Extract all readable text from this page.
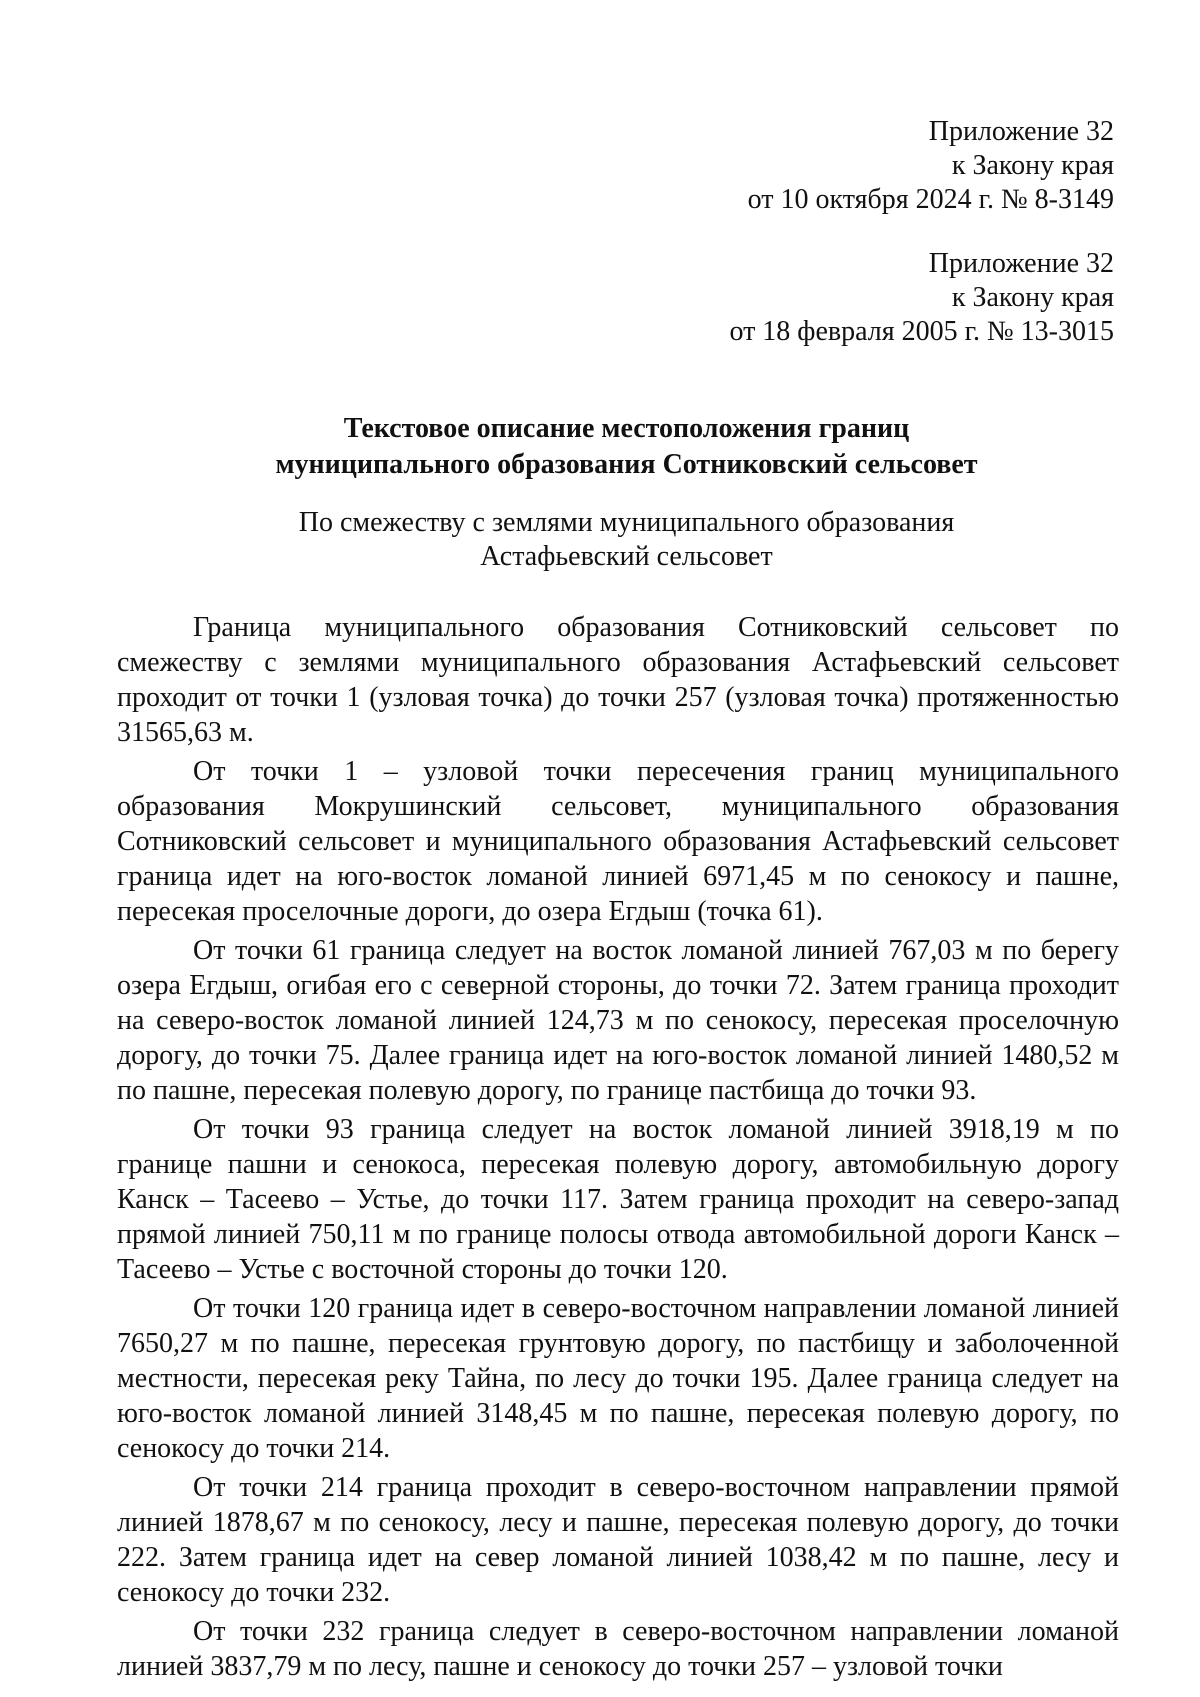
Приложение 32
к Закону края
от 10 октября 2024 г. № 8-3149
Приложение 32
к Закону края
от 18 февраля 2005 г. № 13-3015
Текстовое описание местоположения границ
муниципального образования Сотниковский сельсовет
По смежеству с землями муниципального образования
Астафьевский сельсовет

Граница муниципального образования Сотниковский сельсовет по смежеству с землями муниципального образования Астафьевский сельсовет проходит от точки 1 (узловая точка) до точки 257 (узловая точка) протяженностью 31565,63 м.

От точки 1 – узловой точки пересечения границ муниципального образования Мокрушинский сельсовет, муниципального образования Сотниковский сельсовет и муниципального образования Астафьевский сельсовет граница идет на юго-восток ломаной линией 6971,45 м по сенокосу и пашне, пересекая проселочные дороги, до озера Егдыш (точка 61).

От точки 61 граница следует на восток ломаной линией 767,03 м по берегу озера Егдыш, огибая его с северной стороны, до точки 72. Затем граница проходит на северо-восток ломаной линией 124,73 м по сенокосу, пересекая проселочную дорогу, до точки 75. Далее граница идет на юго-восток ломаной линией 1480,52 м по пашне, пересекая полевую дорогу, по границе пастбища до точки 93.

От точки 93 граница следует на восток ломаной линией 3918,19 м по границе пашни и сенокоса, пересекая полевую дорогу, автомобильную дорогу Канск – Тасеево – Устье, до точки 117. Затем граница проходит на северо-запад прямой линией 750,11 м по границе полосы отвода автомобильной дороги Канск – Тасеево – Устье с восточной стороны до точки 120.

От точки 120 граница идет в северо-восточном направлении ломаной линией 7650,27 м по пашне, пересекая грунтовую дорогу, по пастбищу и заболоченной местности, пересекая реку Тайна, по лесу до точки 195. Далее граница следует на юго-восток ломаной линией 3148,45 м по пашне, пересекая полевую дорогу, по сенокосу до точки 214.

От точки 214 граница проходит в северо-восточном направлении прямой линией 1878,67 м по сенокосу, лесу и пашне, пересекая полевую дорогу, до точки 222. Затем граница идет на север ломаной линией 1038,42 м по пашне, лесу и сенокосу до точки 232.

От точки 232 граница следует в северо-восточном направлении ломаной линией 3837,79 м по лесу, пашне и сенокосу до точки 257 – узловой точки
